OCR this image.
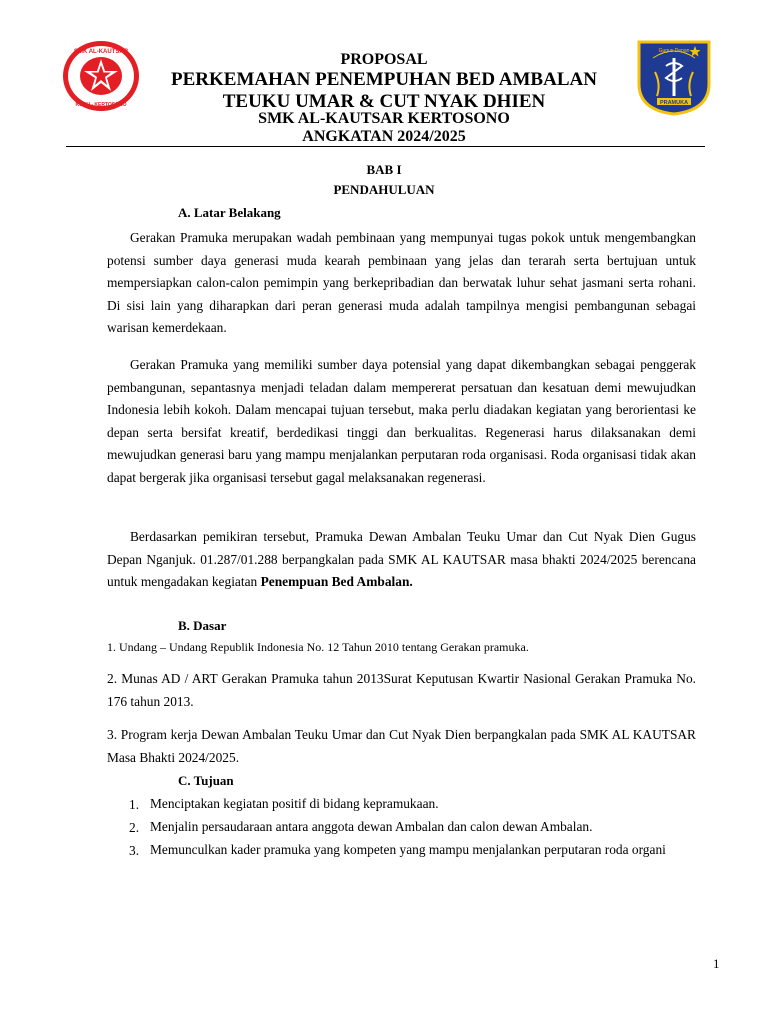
SMK AL-KAUTSAR
KUDU - KERTOSONO
Gugus Depan
PRAMUKA
PROPOSAL
PERKEMAHAN PENEMPUHAN BED AMBALAN
TEUKU UMAR & CUT NYAK DHIEN
SMK AL-KAUTSAR KERTOSONO
ANGKATAN 2024/2025
BAB I
PENDAHULUAN
A. Latar Belakang

Gerakan Pramuka merupakan wadah pembinaan yang mempunyai tugas pokok untuk mengembangkan potensi sumber daya generasi muda kearah pembinaan yang jelas dan terarah serta bertujuan untuk mempersiapkan calon-calon pemimpin yang berkepribadian dan berwatak luhur sehat jasmani serta rohani. Di sisi lain yang diharapkan dari peran generasi muda adalah tampilnya mengisi pembangunan sebagai warisan kemerdekaan.

Gerakan Pramuka yang memiliki sumber daya potensial yang dapat dikembangkan sebagai penggerak pembangunan, sepantasnya menjadi teladan dalam mempererat persatuan dan kesatuan demi mewujudkan Indonesia lebih kokoh. Dalam mencapai tujuan tersebut, maka perlu diadakan kegiatan yang berorientasi ke depan serta bersifat kreatif, berdedikasi tinggi dan berkualitas. Regenerasi harus dilaksanakan demi mewujudkan generasi baru yang mampu menjalankan perputaran roda organisasi. Roda organisasi tidak akan dapat bergerak jika organisasi tersebut gagal melaksanakan regenerasi.

Berdasarkan pemikiran tersebut, Pramuka Dewan Ambalan Teuku Umar dan Cut Nyak Dien Gugus Depan Nganjuk. 01.287/01.288 berpangkalan pada SMK AL KAUTSAR masa bhakti 2024/2025 berencana untuk mengadakan kegiatan Penempuan Bed Ambalan.

B. Dasar

1. Undang – Undang Republik Indonesia No. 12 Tahun 2010 tentang Gerakan pramuka.

2. Munas AD / ART Gerakan Pramuka tahun 2013Surat Keputusan Kwartir Nasional Gerakan Pramuka No. 176 tahun 2013.

3. Program kerja Dewan Ambalan Teuku Umar dan Cut Nyak Dien berpangkalan pada SMK AL KAUTSAR Masa Bhakti 2024/2025.

C. Tujuan
1. Menciptakan kegiatan positif di bidang kepramukaan.
2. Menjalin persaudaraan antara anggota dewan Ambalan dan calon dewan Ambalan.
3. Memunculkan kader pramuka yang kompeten yang mampu menjalankan perputaran roda organi
1
